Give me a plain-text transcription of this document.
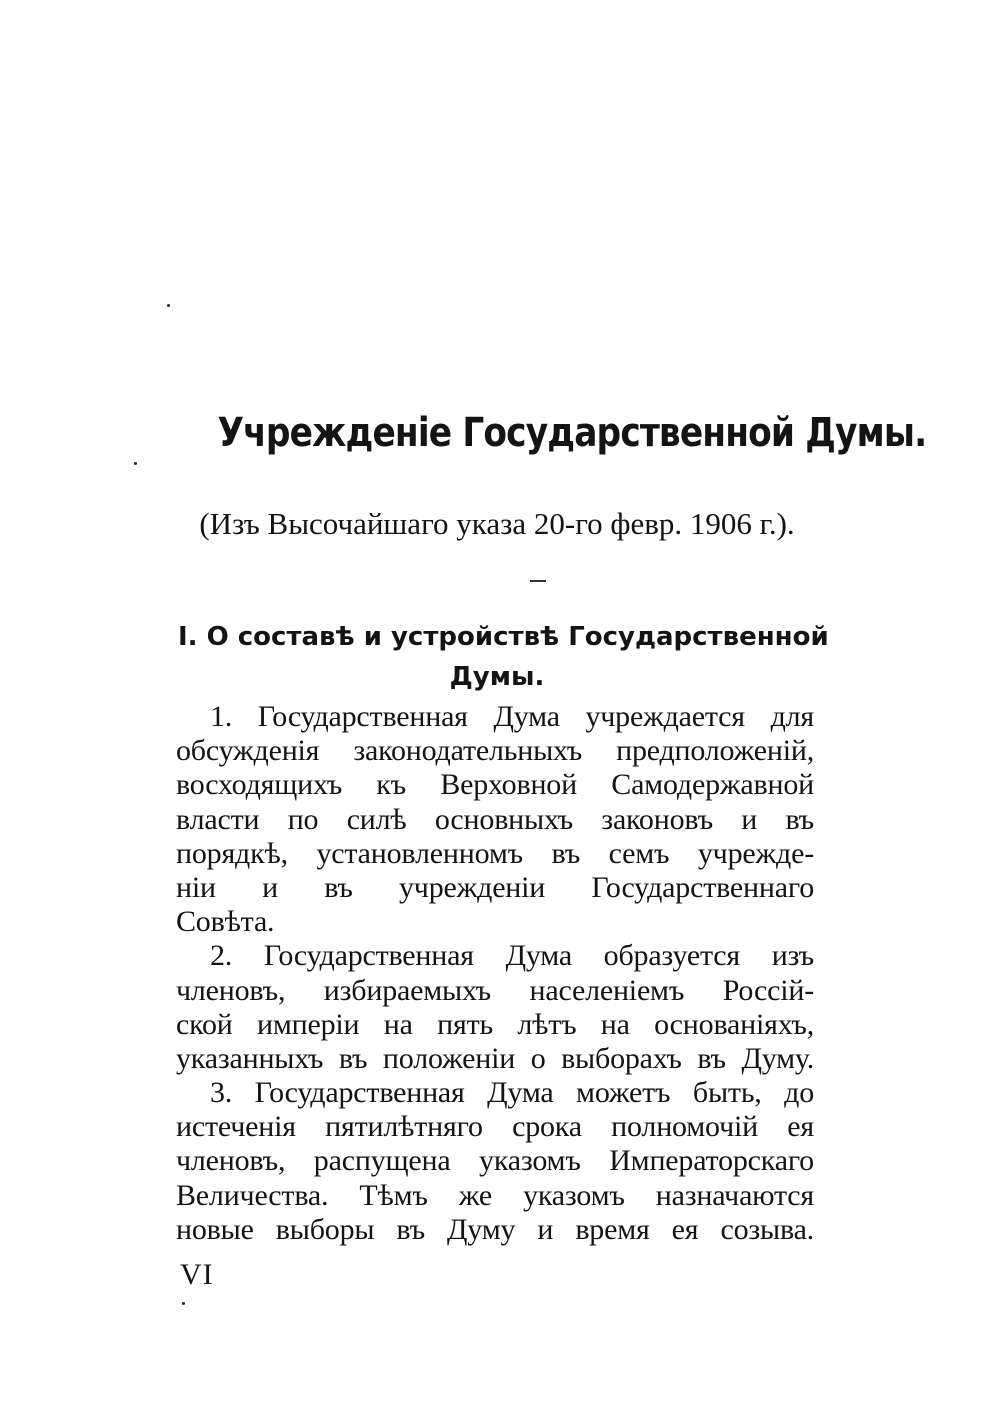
Учрежденіе Государственной Думы.
(Изъ Высочайшаго указа 20-го февр. 1906 г.).
I. О составѣ и устройствѣ Государственной
Думы.
1. Государственная Дума учреждается для
обсужденія законодательныхъ предположеній,
восходящихъ къ Верховной Самодержавной
власти по силѣ основныхъ законовъ и въ
порядкѣ, установленномъ въ семъ учрежде-
ніи и въ учрежденіи Государственнаго
Совѣта.
2. Государственная Дума образуется изъ
членовъ, избираемыхъ населеніемъ Россій-
ской имперіи на пять лѣтъ на основаніяхъ,
указанныхъ въ положеніи о выборахъ въ Думу.
3. Государственная Дума можетъ быть, до
истеченія пятилѣтняго срока полномочій ея
членовъ, распущена указомъ Императорскаго
Величества. Тѣмъ же указомъ назначаются
новые выборы въ Думу и время ея созыва.
VI
